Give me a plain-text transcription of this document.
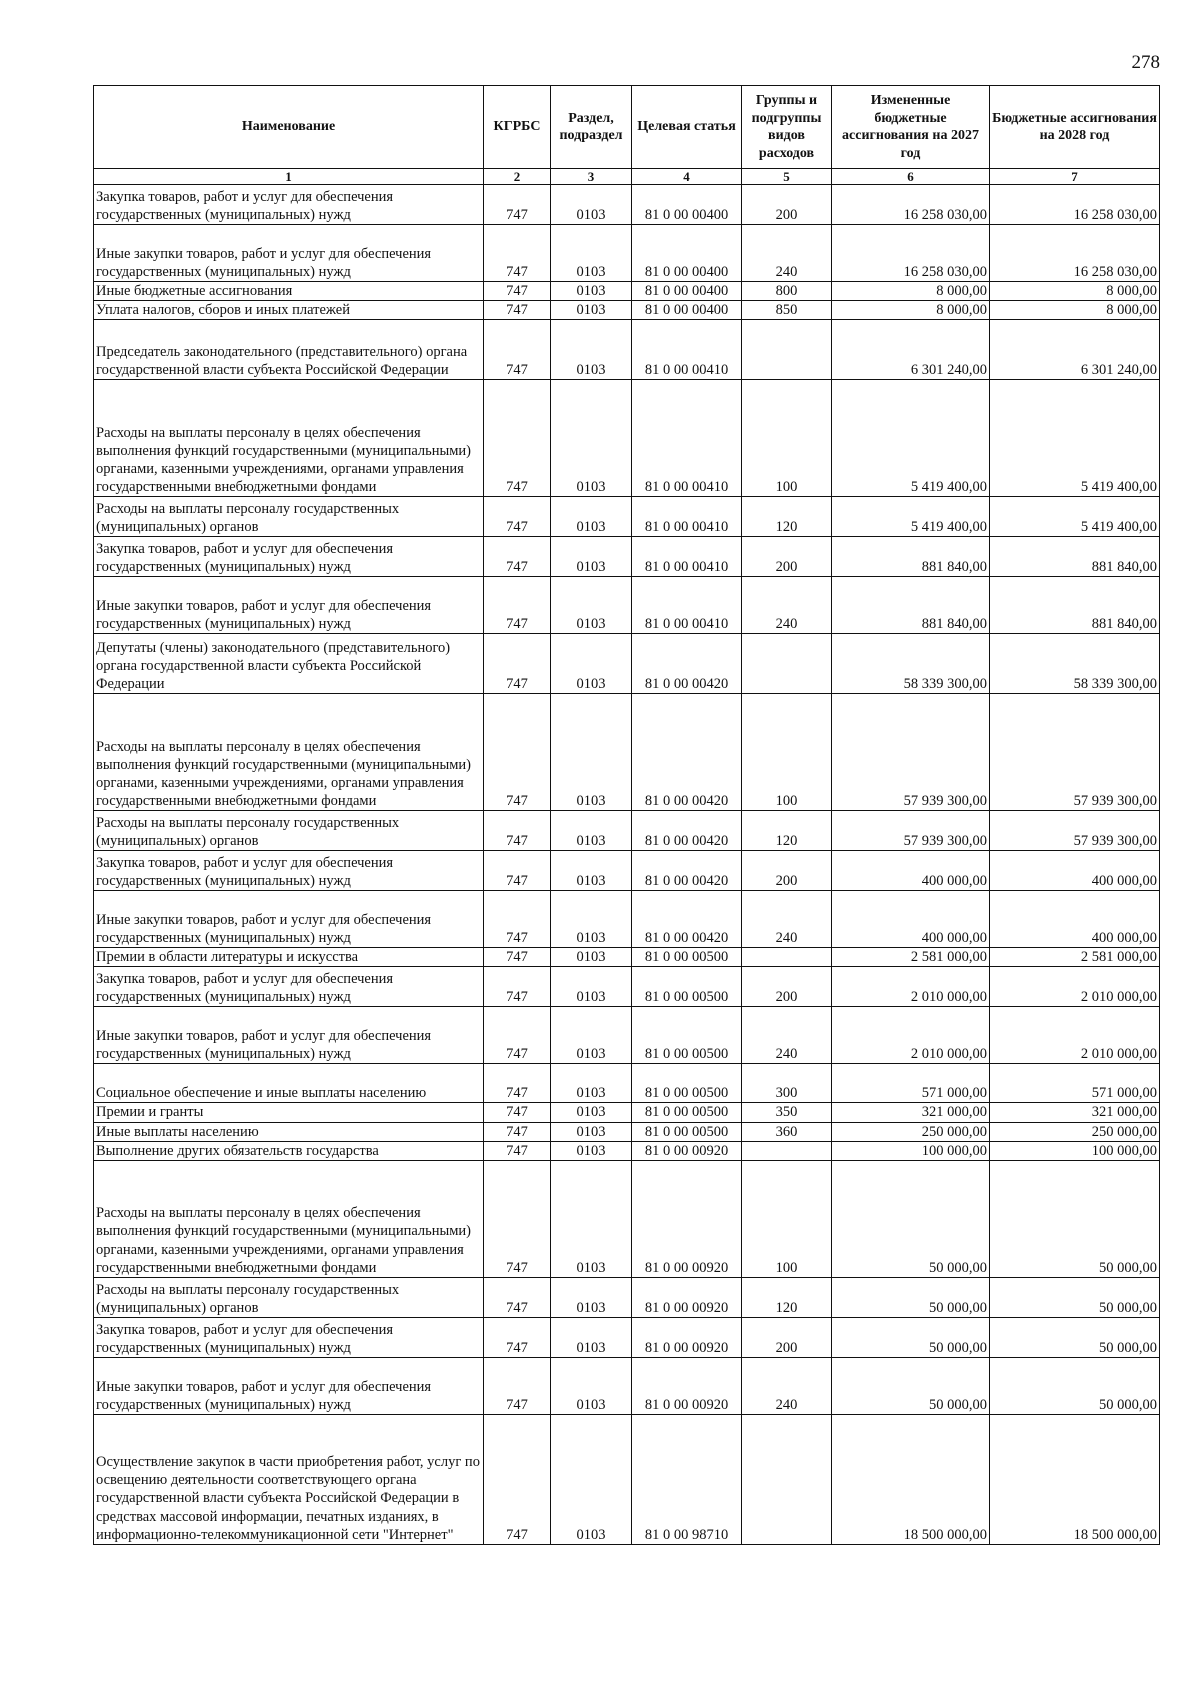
278
Наименование	КГРБС	Раздел, подраздел	Целевая статья	Группы и подгруппы видов расходов	Измененные бюджетные ассигнования на 2027 год	Бюджетные ассигнования на 2028 год
1	2	3	4	5	6	7
Закупка товаров, работ и услуг для обеспечения государственных (муниципальных) нужд	747	0103	81 0 00 00400	200	16 258 030,00	16 258 030,00
Иные закупки товаров, работ и услуг для обеспечения государственных (муниципальных) нужд	747	0103	81 0 00 00400	240	16 258 030,00	16 258 030,00
Иные бюджетные ассигнования	747	0103	81 0 00 00400	800	8 000,00	8 000,00
Уплата налогов, сборов и иных платежей	747	0103	81 0 00 00400	850	8 000,00	8 000,00
Председатель законодательного (представительного) органа государственной власти субъекта Российской Федерации	747	0103	81 0 00 00410		6 301 240,00	6 301 240,00
Расходы на выплаты персоналу в целях обеспечения выполнения функций государственными (муниципальными) органами, казенными учреждениями, органами управления государственными внебюджетными фондами	747	0103	81 0 00 00410	100	5 419 400,00	5 419 400,00
Расходы на выплаты персоналу государственных (муниципальных) органов	747	0103	81 0 00 00410	120	5 419 400,00	5 419 400,00
Закупка товаров, работ и услуг для обеспечения государственных (муниципальных) нужд	747	0103	81 0 00 00410	200	881 840,00	881 840,00
Иные закупки товаров, работ и услуг для обеспечения государственных (муниципальных) нужд	747	0103	81 0 00 00410	240	881 840,00	881 840,00
Депутаты (члены) законодательного (представительного) органа государственной власти субъекта Российской Федерации	747	0103	81 0 00 00420		58 339 300,00	58 339 300,00
Расходы на выплаты персоналу в целях обеспечения выполнения функций государственными (муниципальными) органами, казенными учреждениями, органами управления государственными внебюджетными фондами	747	0103	81 0 00 00420	100	57 939 300,00	57 939 300,00
Расходы на выплаты персоналу государственных (муниципальных) органов	747	0103	81 0 00 00420	120	57 939 300,00	57 939 300,00
Закупка товаров, работ и услуг для обеспечения государственных (муниципальных) нужд	747	0103	81 0 00 00420	200	400 000,00	400 000,00
Иные закупки товаров, работ и услуг для обеспечения государственных (муниципальных) нужд	747	0103	81 0 00 00420	240	400 000,00	400 000,00
Премии в области литературы и искусства	747	0103	81 0 00 00500		2 581 000,00	2 581 000,00
Закупка товаров, работ и услуг для обеспечения государственных (муниципальных) нужд	747	0103	81 0 00 00500	200	2 010 000,00	2 010 000,00
Иные закупки товаров, работ и услуг для обеспечения государственных (муниципальных) нужд	747	0103	81 0 00 00500	240	2 010 000,00	2 010 000,00
Социальное обеспечение и иные выплаты населению	747	0103	81 0 00 00500	300	571 000,00	571 000,00
Премии и гранты	747	0103	81 0 00 00500	350	321 000,00	321 000,00
Иные выплаты населению	747	0103	81 0 00 00500	360	250 000,00	250 000,00
Выполнение других обязательств государства	747	0103	81 0 00 00920		100 000,00	100 000,00
Расходы на выплаты персоналу в целях обеспечения выполнения функций государственными (муниципальными) органами, казенными учреждениями, органами управления государственными внебюджетными фондами	747	0103	81 0 00 00920	100	50 000,00	50 000,00
Расходы на выплаты персоналу государственных (муниципальных) органов	747	0103	81 0 00 00920	120	50 000,00	50 000,00
Закупка товаров, работ и услуг для обеспечения государственных (муниципальных) нужд	747	0103	81 0 00 00920	200	50 000,00	50 000,00
Иные закупки товаров, работ и услуг для обеспечения государственных (муниципальных) нужд	747	0103	81 0 00 00920	240	50 000,00	50 000,00
Осуществление закупок в части приобретения работ, услуг по освещению деятельности соответствующего органа государственной власти субъекта Российской Федерации в средствах массовой информации, печатных изданиях, в информационно-телекоммуникационной сети "Интернет"	747	0103	81 0 00 98710		18 500 000,00	18 500 000,00
